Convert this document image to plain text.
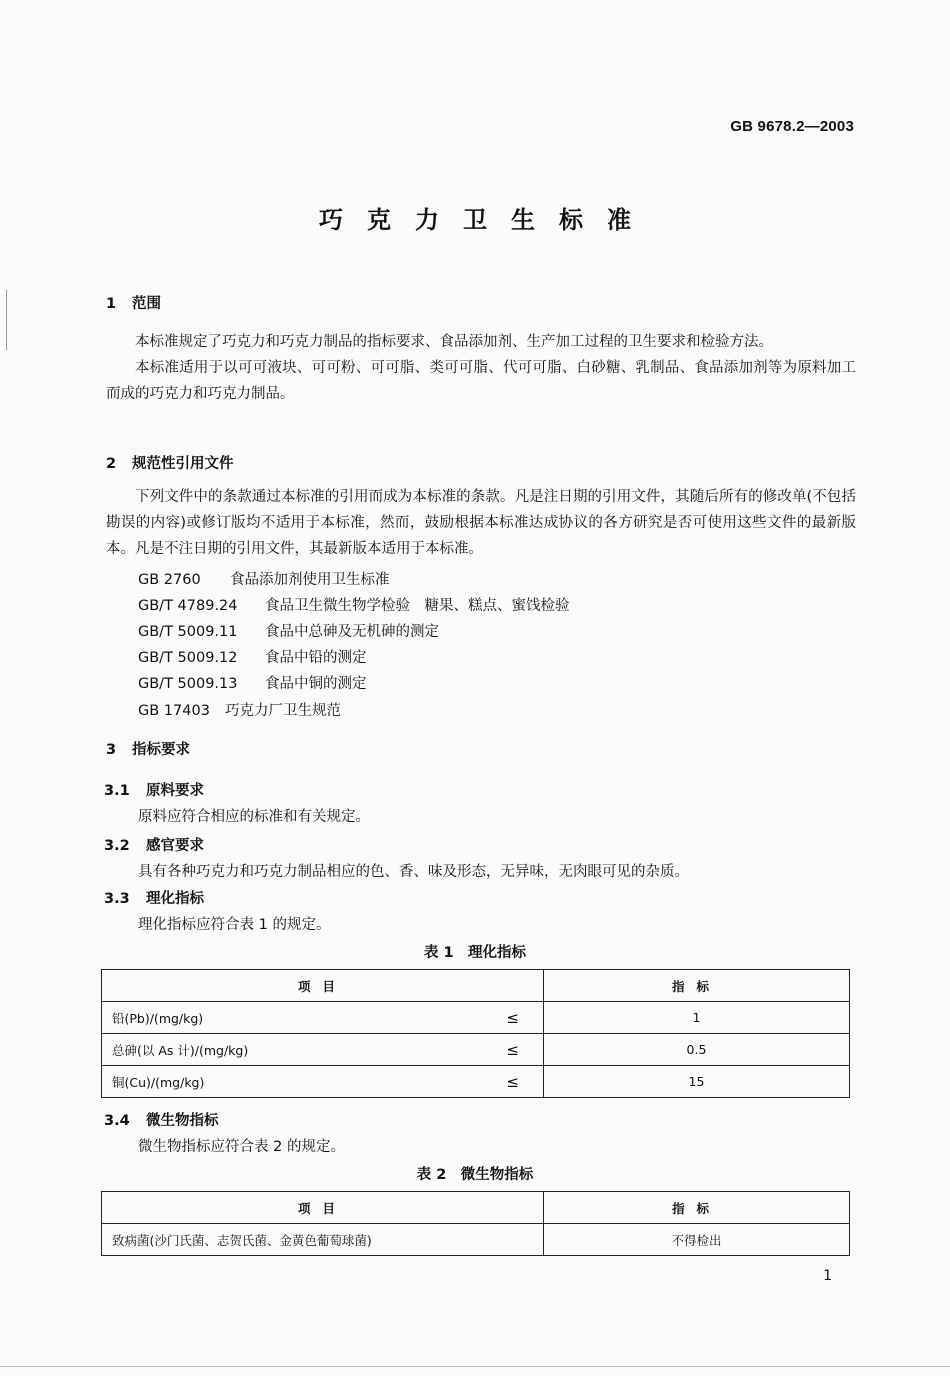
GB 9678.2—2003
巧克力卫生标准
1 范围

本标准规定了巧克力和巧克力制品的指标要求、食品添加剂、生产加工过程的卫生要求和检验方法。

本标准适用于以可可液块、可可粉、可可脂、类可可脂、代可可脂、白砂糖、乳制品、食品添加剂等为原料加工而成的巧克力和巧克力制品。

2 规范性引用文件

下列文件中的条款通过本标准的引用而成为本标准的条款。凡是注日期的引用文件，其随后所有的修改单(不包括勘误的内容)或修订版均不适用于本标准，然而，鼓励根据本标准达成协议的各方研究是否可使用这些文件的最新版本。凡是不注日期的引用文件，其最新版本适用于本标准。

GB 2760 食品添加剂使用卫生标准
GB/T 4789.24 食品卫生微生物学检验　糖果、糕点、蜜饯检验
GB/T 5009.11 食品中总砷及无机砷的测定
GB/T 5009.12 食品中铅的测定
GB/T 5009.13 食品中铜的测定
GB 17403 巧克力厂卫生规范
3 指标要求
3.1 原料要求
原料应符合相应的标准和有关规定。
3.2 感官要求
具有各种巧克力和巧克力制品相应的色、香、味及形态，无异味，无肉眼可见的杂质。
3.3 理化指标
理化指标应符合表 1 的规定。
表 1　理化指标
项目	指标
铅(Pb)/(mg/kg) ≤	1
总砷(以 As 计)/(mg/kg) ≤	0.5
铜(Cu)/(mg/kg) ≤	15
3.4 微生物指标
微生物指标应符合表 2 的规定。
表 2　微生物指标
项目	指标
致病菌(沙门氏菌、志贺氏菌、金黄色葡萄球菌)	不得检出
1
